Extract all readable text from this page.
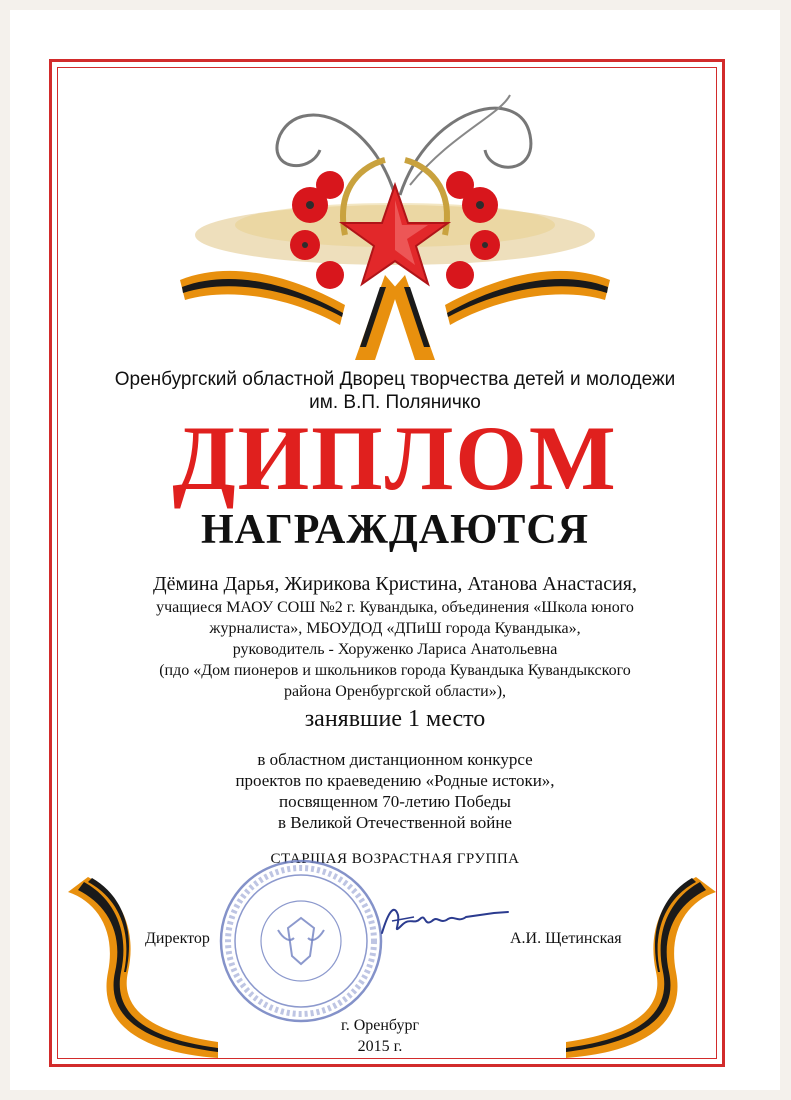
Оренбургский областной Дворец творчества детей и молодежи

им. В.П. Поляничко

ДИПЛОМ

НАГРАЖДАЮТСЯ

Дёмина Дарья, Жирикова Кристина, Атанова Анастасия,

учащиеся МАОУ СОШ №2 г. Кувандыка, объединения «Школа юного

журналиста», МБОУДОД «ДПиШ города Кувандыка»,

руководитель - Хоруженко Лариса Анатольевна

(пдо «Дом пионеров и школьников города Кувандыка Кувандыкского

района Оренбургской области»),

занявшие 1 место

в областном дистанционном конкурсе

проектов по краеведению «Родные истоки»,

посвященном 70-летию Победы

в Великой Отечественной войне

СТАРШАЯ ВОЗРАСТНАЯ ГРУППА

Директор	А.И. Щетинская

г. Оренбург

2015 г.
